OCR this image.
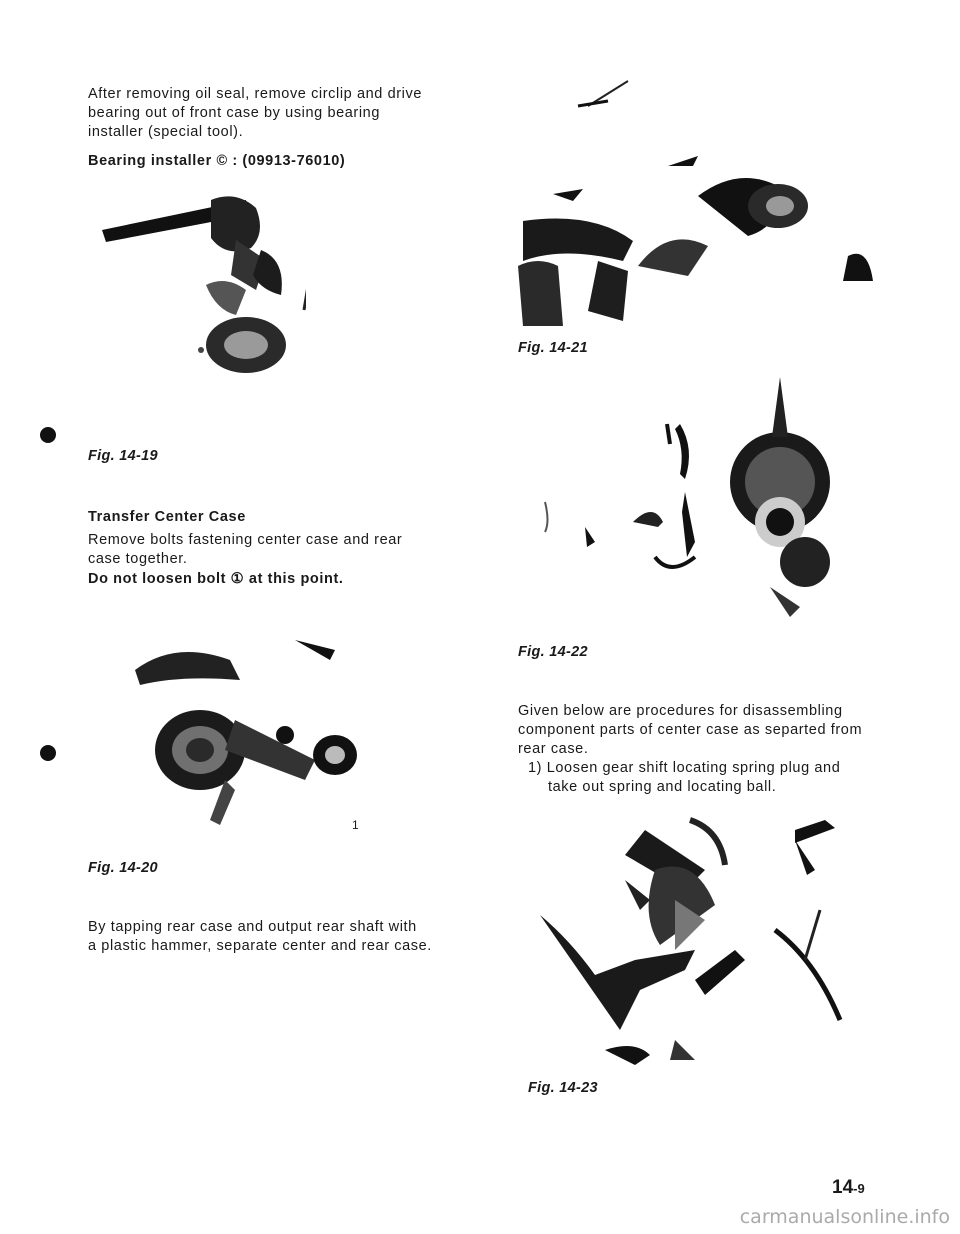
After removing oil seal, remove circlip and drive
bearing out of front case by using bearing
installer (special tool).
Bearing installer © : (09913-76010)
Fig. 14-19
Transfer Center Case
Remove bolts fastening center case and rear
case together.
Do not loosen bolt ① at this point.
1
Fig. 14-20
By tapping rear case and output rear shaft with
a plastic hammer, separate center and rear case.
Fig. 14-21
Fig. 14-22
Given below are procedures for disassembling
component parts of center case as separted from
rear case.
1) Loosen gear shift locating spring plug and
take out spring and locating ball.
Fig. 14-23
14-9
carmanualsonline.info
